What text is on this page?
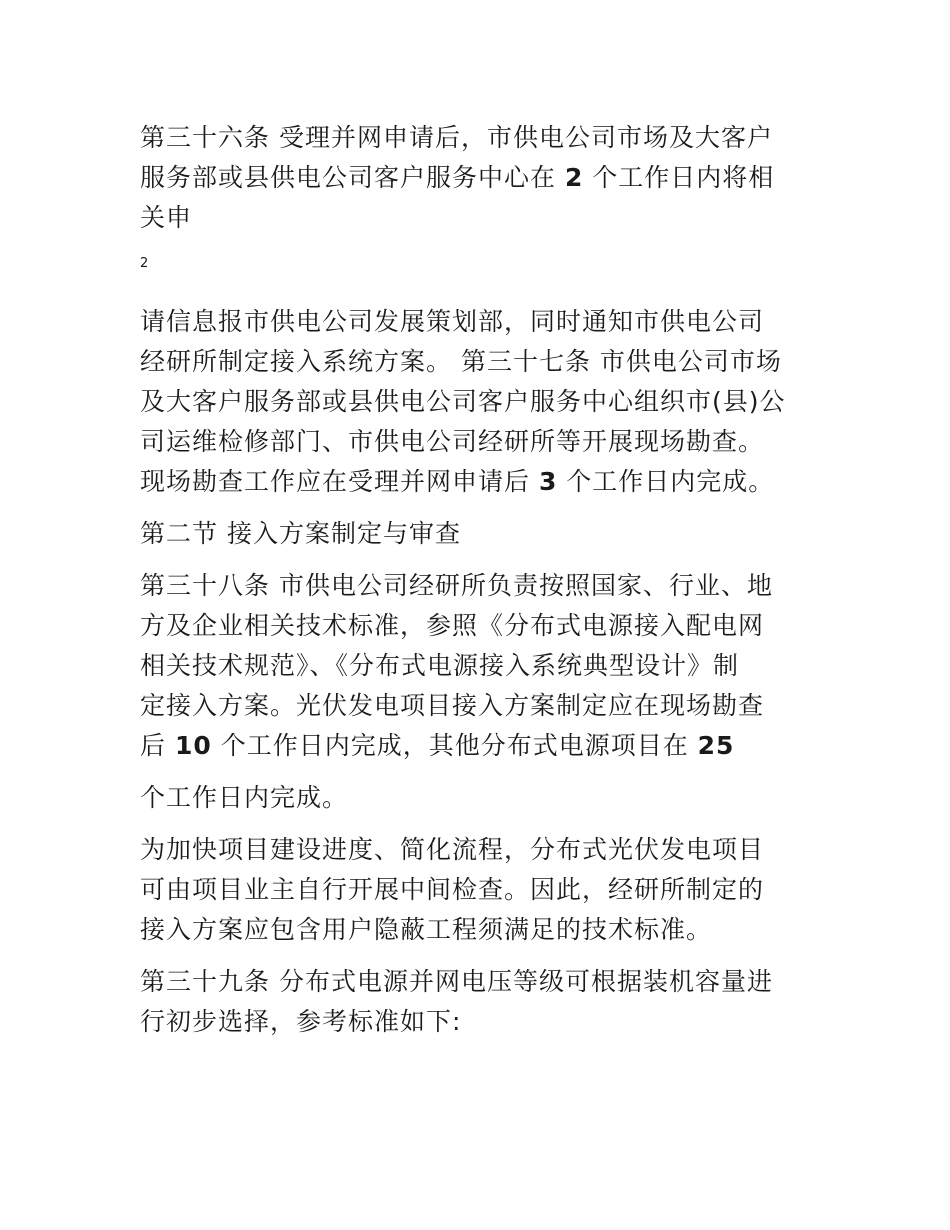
第三十六条 受理并网申请后，市供电公司市场及大客户
服务部或县供电公司客户服务中心在 2 个工作日内将相
关申

2

请信息报市供电公司发展策划部，同时通知市供电公司
经研所制定接入系统方案。 第三十七条 市供电公司市场
及大客户服务部或县供电公司客户服务中心组织市(县)公
司运维检修部门、市供电公司经研所等开展现场勘查。
现场勘查工作应在受理并网申请后 3 个工作日内完成。

第二节 接入方案制定与审查

第三十八条 市供电公司经研所负责按照国家、行业、地
方及企业相关技术标准，参照《分布式电源接入配电网
相关技术规范》、《分布式电源接入系统典型设计》制
定接入方案。光伏发电项目接入方案制定应在现场勘查
后 10 个工作日内完成，其他分布式电源项目在 25

个工作日内完成。

为加快项目建设进度、简化流程，分布式光伏发电项目
可由项目业主自行开展中间检查。因此，经研所制定的
接入方案应包含用户隐蔽工程须满足的技术标准。

第三十九条 分布式电源并网电压等级可根据装机容量进
行初步选择，参考标准如下:
